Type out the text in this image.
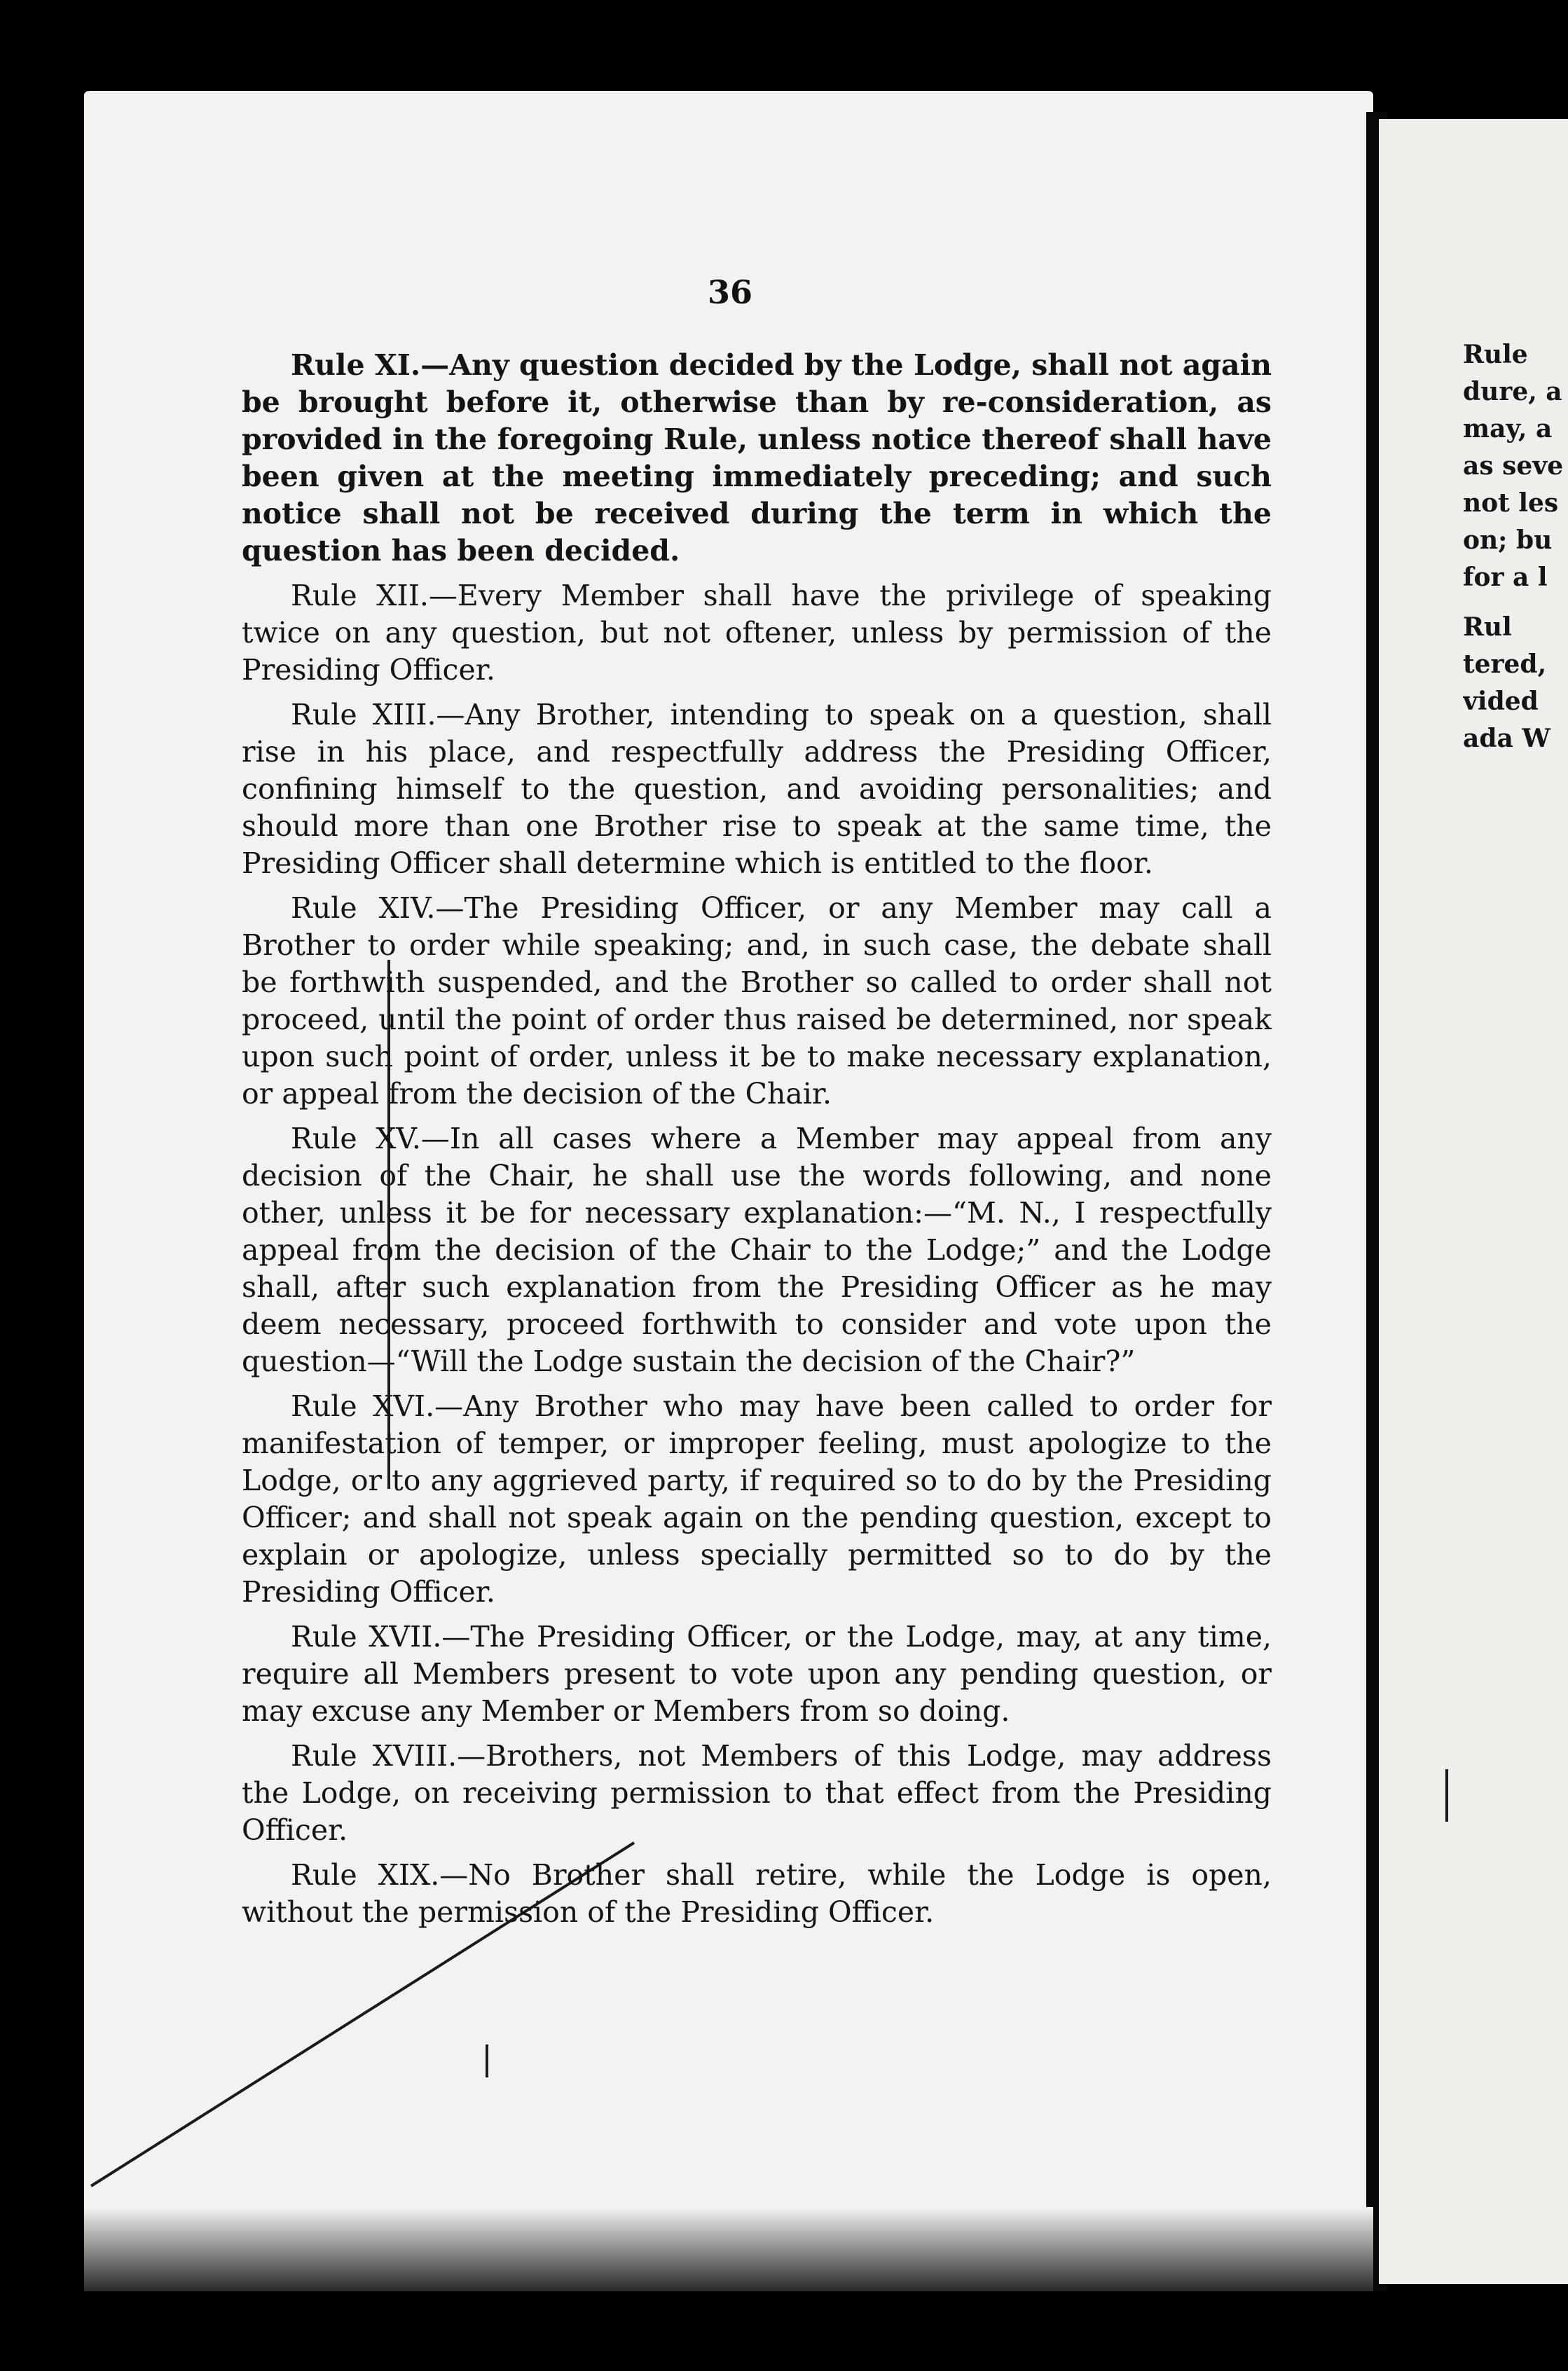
36

Rule XI.—Any question decided by the Lodge, shall not again be brought before it, otherwise than by re-consideration, as provided in the foregoing Rule, unless notice thereof shall have been given at the meeting immediately preceding; and such notice shall not be received during the term in which the question has been decided.

Rule XII.—Every Member shall have the privilege of speaking twice on any question, but not oftener, unless by permission of the Presiding Officer.

Rule XIII.—Any Brother, intending to speak on a question, shall rise in his place, and respectfully address the Presiding Officer, confining himself to the question, and avoiding personalities; and should more than one Brother rise to speak at the same time, the Presiding Officer shall determine which is entitled to the floor.

Rule XIV.—The Presiding Officer, or any Member may call a Brother to order while speaking; and, in such case, the debate shall be forthwith suspended, and the Brother so called to order shall not proceed, until the point of order thus raised be determined, nor speak upon such point of order, unless it be to make necessary explanation, or appeal from the decision of the Chair.

Rule XV.—In all cases where a Member may appeal from any decision of the Chair, he shall use the words following, and none other, unless it be for necessary explanation:—“M. N., I respectfully appeal from the decision of the Chair to the Lodge;” and the Lodge shall, after such explanation from the Presiding Officer as he may deem necessary, proceed forthwith to consider and vote upon the question—“Will the Lodge sustain the decision of the Chair?”

Rule XVI.—Any Brother who may have been called to order for manifestation of temper, or improper feeling, must apologize to the Lodge, or to any aggrieved party, if required so to do by the Presiding Officer; and shall not speak again on the pending question, except to explain or apologize, unless specially permitted so to do by the Presiding Officer.

Rule XVII.—The Presiding Officer, or the Lodge, may, at any time, require all Members present to vote upon any pending question, or may excuse any Member or Members from so doing.

Rule XVIII.—Brothers, not Members of this Lodge, may address the Lodge, on receiving permission to that effect from the Presiding Officer.

Rule XIX.—No Brother shall retire, while the Lodge is open, without the permission of the Presiding Officer.

Rule
dure, a
may, a
as seve
not les
on; bu
for a l
Rul
tered,
vided
ada W
